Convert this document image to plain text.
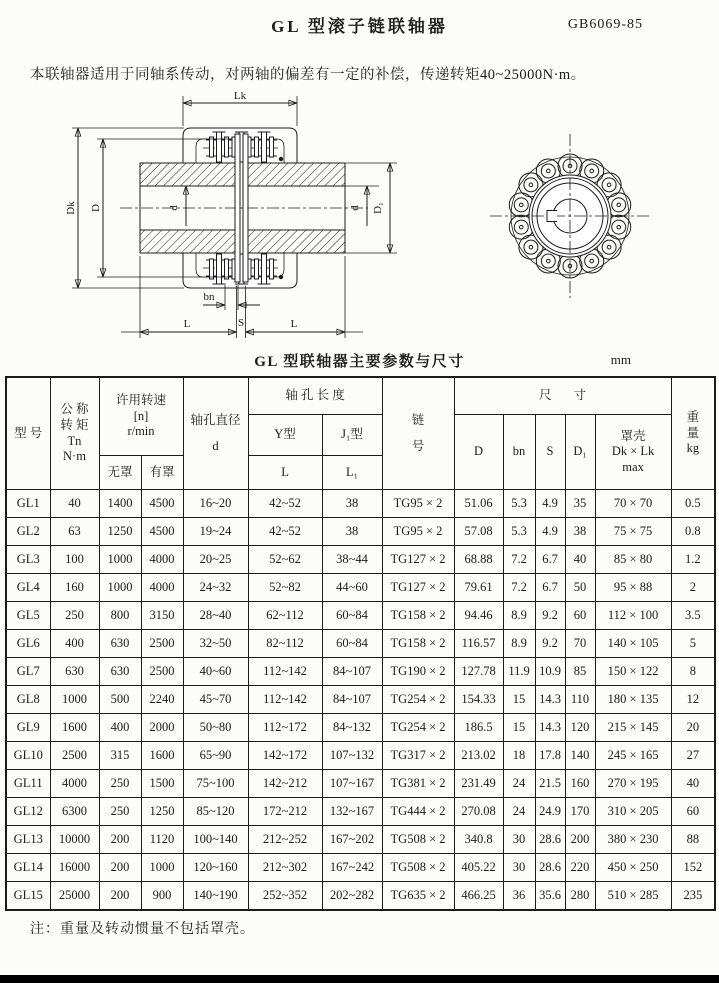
GL 型滚子链联轴器	GB6069-85

本联轴器适用于同轴系传动，对两轴的偏差有一定的补偿，传递转矩40~25000N·m。

Lk
Dk D	d	d D₁
bn
L	S	L
GL 型联轴器主要参数与尺寸	mm
型 号	公 称
转 矩
Tn
N·m	许用转速
[n]
r/min		轴孔直径
d	轴 孔 长 度		链
号	尺寸					重
量
kg

					Y型	J₁型		D	bn	S	D₁	罩壳
Dk × Lk
max	

		无罩	有罩		L	L₁							
GL1	40	1400	4500	16~20	42~52	38	TG95 × 2	51.06	5.3	4.9	35	70 × 70	0.5
GL2	63	1250	4500	19~24	42~52	38	TG95 × 2	57.08	5.3	4.9	38	75 × 75	0.8
GL3	100	1000	4000	20~25	52~62	38~44	TG127 × 2	68.88	7.2	6.7	40	85 × 80	1.2
GL4	160	1000	4000	24~32	52~82	44~60	TG127 × 2	79.61	7.2	6.7	50	95 × 88	2
GL5	250	800	3150	28~40	62~112	60~84	TG158 × 2	94.46	8.9	9.2	60	112 × 100	3.5
GL6	400	630	2500	32~50	82~112	60~84	TG158 × 2	116.57	8.9	9.2	70	140 × 105	5
GL7	630	630	2500	40~60	112~142	84~107	TG190 × 2	127.78	11.9	10.9	85	150 × 122	8
GL8	1000	500	2240	45~70	112~142	84~107	TG254 × 2	154.33	15	14.3	110	180 × 135	12
GL9	1600	400	2000	50~80	112~172	84~132	TG254 × 2	186.5	15	14.3	120	215 × 145	20
GL10	2500	315	1600	65~90	142~172	107~132	TG317 × 2	213.02	18	17.8	140	245 × 165	27
GL11	4000	250	1500	75~100	142~212	107~167	TG381 × 2	231.49	24	21.5	160	270 × 195	40
GL12	6300	250	1250	85~120	172~212	132~167	TG444 × 2	270.08	24	24.9	170	310 × 205	60
GL13	10000	200	1120	100~140	212~252	167~202	TG508 × 2	340.8	30	28.6	200	380 × 230	88
GL14	16000	200	1000	120~160	212~302	167~242	TG508 × 2	405.22	30	28.6	220	450 × 250	152
GL15	25000	200	900	140~190	252~352	202~282	TG635 × 2	466.25	36	35.6	280	510 × 285	235

注：重量及转动惯量不包括罩壳。
